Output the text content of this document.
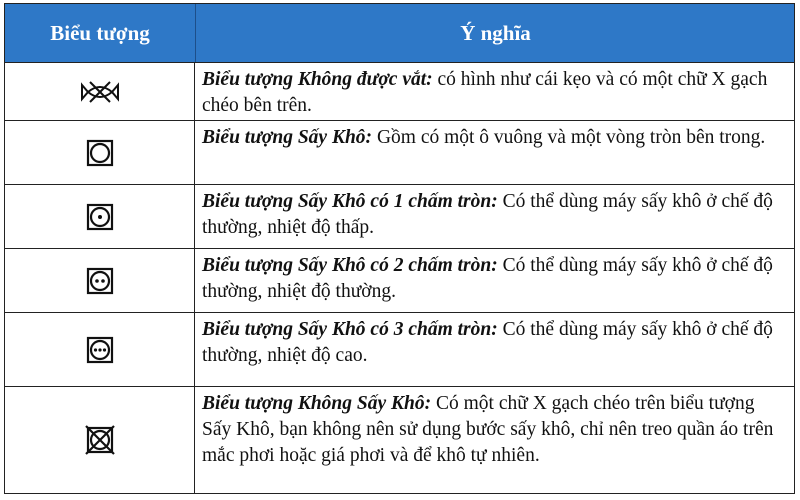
Biểu tượng	Ý nghĩa
Biểu tượng Không được vắt: có hình như cái kẹo và có một chữ X gạch chéo bên trên.
Biểu tượng Sấy Khô: Gồm có một ô vuông và một vòng tròn bên trong.
Biểu tượng Sấy Khô có 1 chấm tròn: Có thể dùng máy sấy khô ở chế độ thường, nhiệt độ thấp.
Biểu tượng Sấy Khô có 2 chấm tròn: Có thể dùng máy sấy khô ở chế độ thường, nhiệt độ thường.
Biểu tượng Sấy Khô có 3 chấm tròn: Có thể dùng máy sấy khô ở chế độ thường, nhiệt độ cao.
Biểu tượng Không Sấy Khô: Có một chữ X gạch chéo trên biểu tượng Sấy Khô, bạn không nên sử dụng bước sấy khô, chỉ nên treo quần áo trên mắc phơi hoặc giá phơi và để khô tự nhiên.
